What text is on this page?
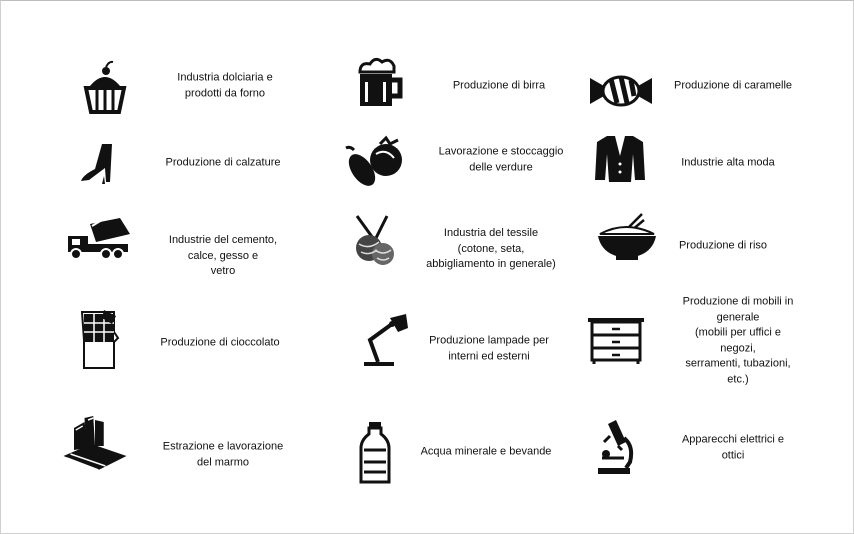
Industria dolciaria e
prodotti da forno
Produzione di birra	Produzione di caramelle
Produzione di calzature
Lavorazione e stoccaggio
delle verdure	Industrie alta moda
Industrie del cemento,
calce, gesso e
vetro
Industria del tessile
(cotone, seta,
abbigliamento in generale)
Produzione di riso
Produzione di cioccolato	Produzione lampade per
interni ed esterni
Produzione di mobili in generale
(mobili per uffici e negozi,
serramenti, tubazioni, etc.)
Estrazione e lavorazione
del marmo
Acqua minerale e bevande
Apparecchi elettrici e ottici
